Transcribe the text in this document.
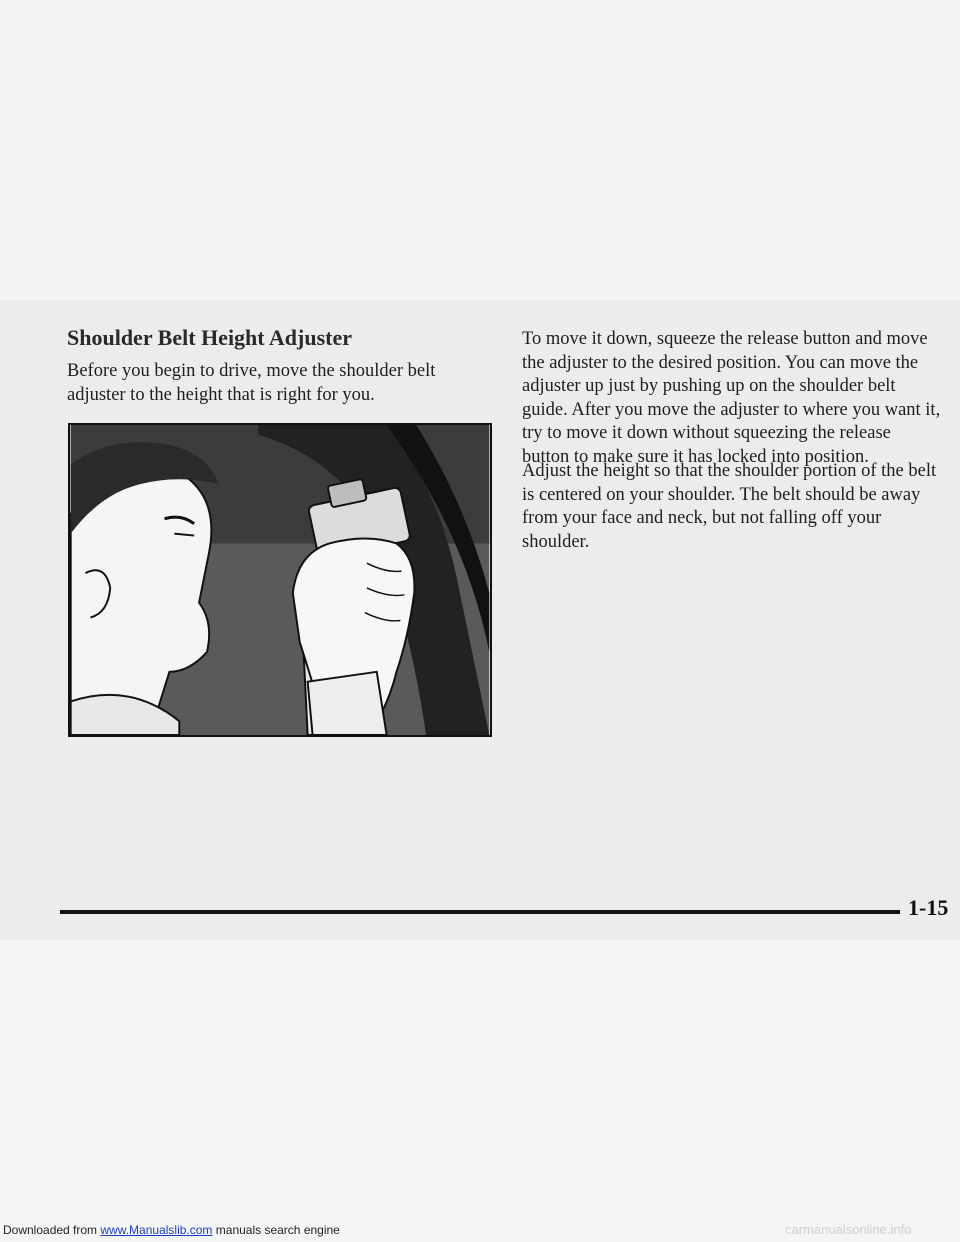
Shoulder Belt Height Adjuster

Before you begin to drive, move the shoulder belt adjuster to the height that is right for you.

To move it down, squeeze the release button and move the adjuster to the desired position. You can move the adjuster up just by pushing up on the shoulder belt guide. After you move the adjuster to where you want it, try to move it down without squeezing the release button to make sure it has locked into position.

Adjust the height so that the shoulder portion of the belt is centered on your shoulder. The belt should be away from your face and neck, but not falling off your shoulder.

1-15
Downloaded from www.Manualslib.com manuals search engine	carmanualsonline.info
